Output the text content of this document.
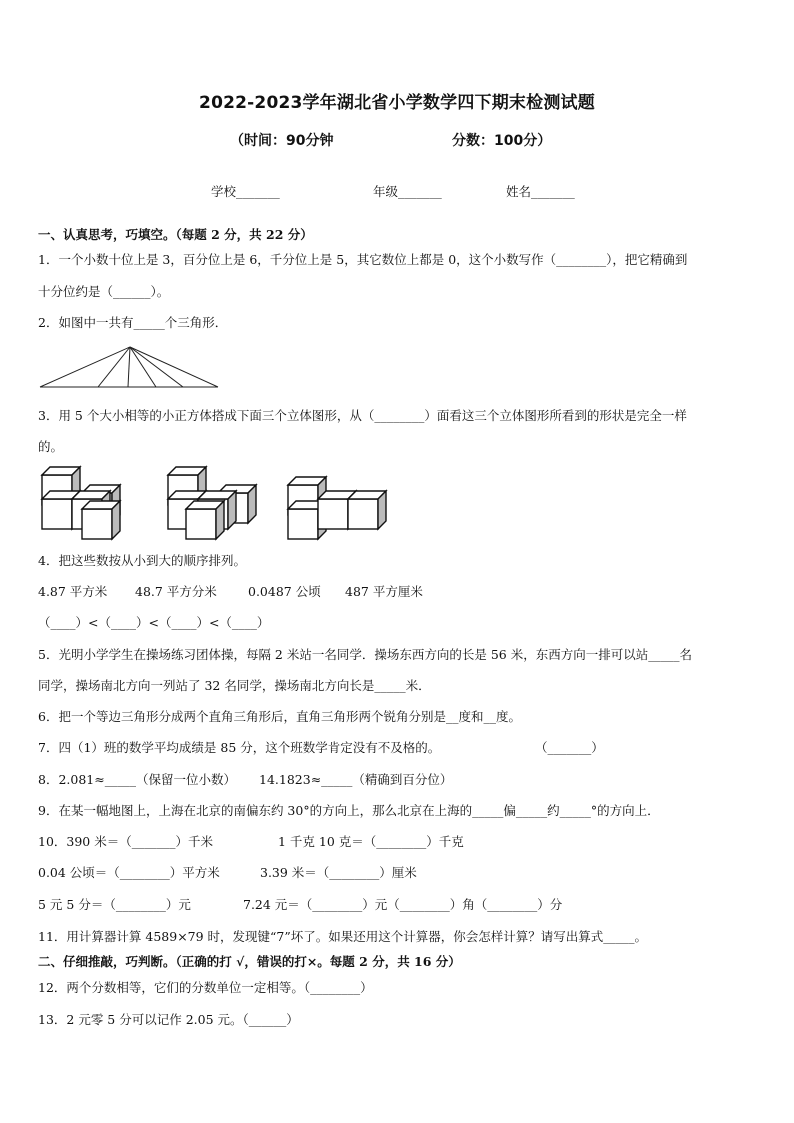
2022-2023学年湖北省小学数学四下期末检测试题
（时间：90分钟	分数：100分）
学校_______	年级_______	姓名_______
一、认真思考，巧填空。（每题 2 分，共 22 分）
1．一个小数十位上是 3，百分位上是 6，千分位上是 5，其它数位上都是 0，这个小数写作（________），把它精确到
十分位约是（______）。
2．如图中一共有_____个三角形．
3．用 5 个大小相等的小正方体搭成下面三个立体图形，从（________）面看这三个立体图形所看到的形状是完全一样
的。
4．把这些数按从小到大的顺序排列。
4.87 平方米 48.7 平方分米 0.0487 公顷 487 平方厘米
（____）<（____）<（____）<（____）
5．光明小学学生在操场练习团体操，每隔 2 米站一名同学．操场东西方向的长是 56 米，东西方向一排可以站_____名
同学，操场南北方向一列站了 32 名同学，操场南北方向长是_____米．
6．把一个等边三角形分成两个直角三角形后，直角三角形两个锐角分别是__度和__度。
7．四（1）班的数学平均成绩是 85 分，这个班数学肯定没有不及格的。	（_______）
8．2.081≈_____（保留一位小数） 14.1823≈_____（精确到百分位）
9．在某一幅地图上，上海在北京的南偏东约 30°的方向上，那么北京在上海的_____偏_____约_____°的方向上．
10．390 米＝（_______）千米	1 千克 10 克＝（________）千克
0.04 公顷＝（________）平方米	3.39 米＝（________）厘米
5 元 5 分＝（________）元	7.24 元＝（________）元（________）角（________）分
11．用计算器计算 4589×79 时，发现键“7”坏了。如果还用这个计算器，你会怎样计算？请写出算式_____。
二、仔细推敲，巧判断。（正确的打 √，错误的打×。每题 2 分，共 16 分）
12．两个分数相等，它们的分数单位一定相等。（________）
13．2 元零 5 分可以记作 2.05 元。（______）
